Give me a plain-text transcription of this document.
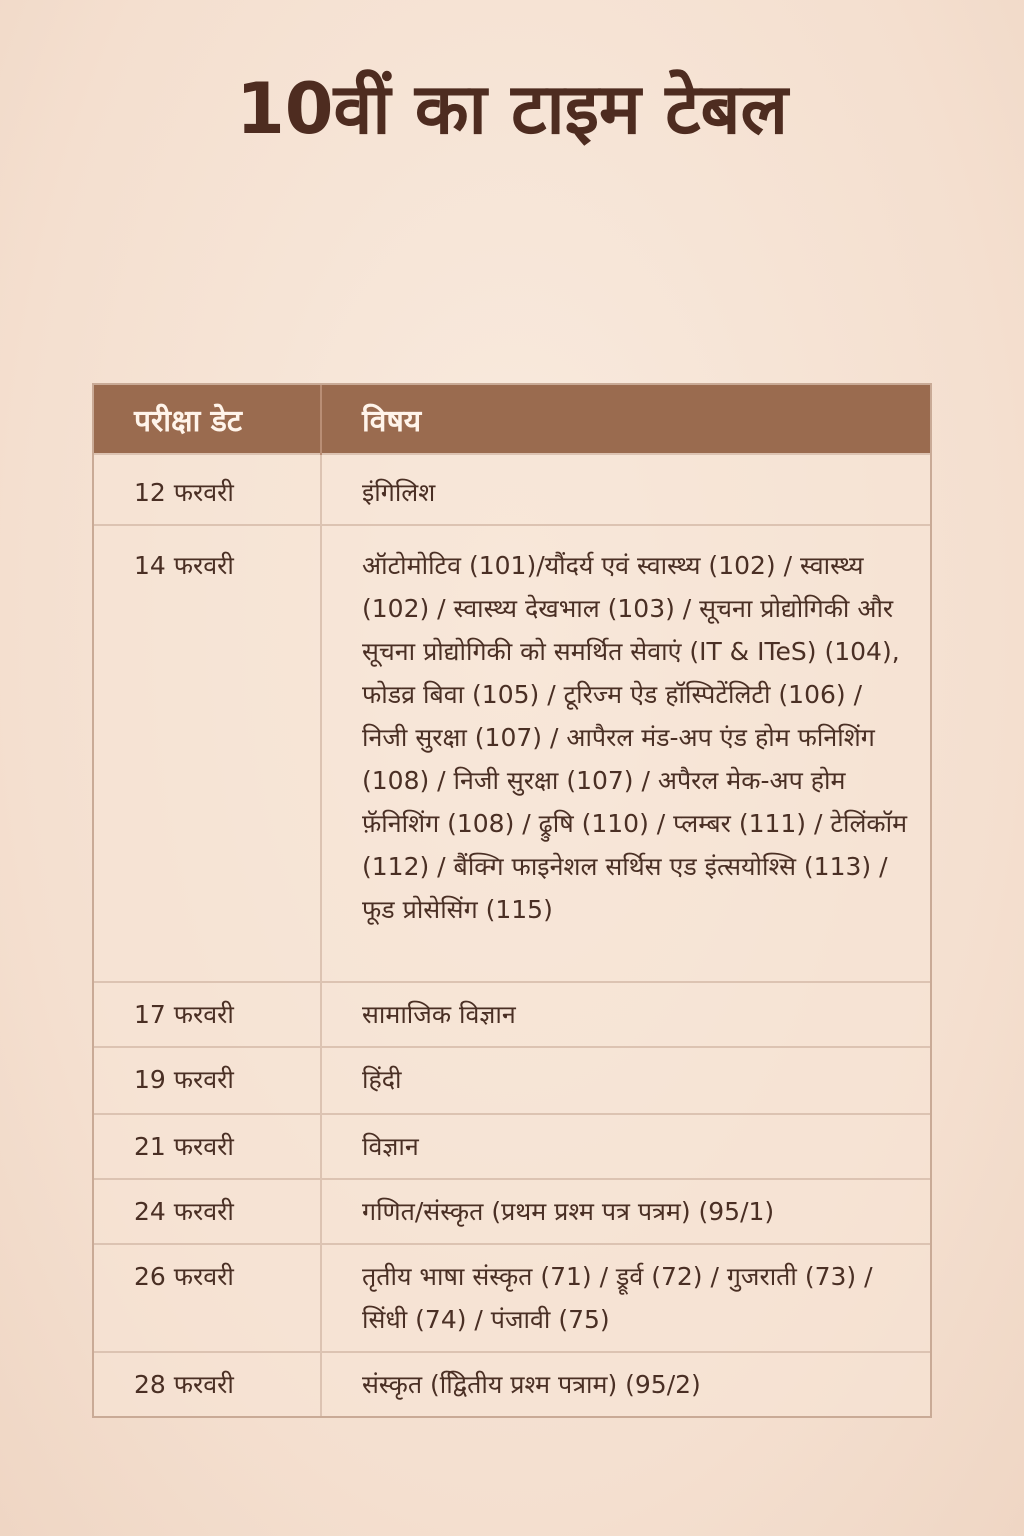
10वीं का टाइम टेबल
परीक्षा डेट	विषय
12 फरवरी	इंगिलिश
14 फरवरी	ऑटोमोटिव (101)/यौंदर्य एवं स्वास्थ्य (102) / स्वास्थ्य (102) / स्वास्थ्य देखभाल (103) / सूचना प्रोद्योगिकी और सूचना प्रोद्योगिकी को समर्थित सेवाएं (IT & ITeS) (104), फोडव्र बिवा (105) / टूरिज्म ऐड हॉस्पिटेंलिटी (106) / निजी सुरक्षा (107) / आपैरल मंड-अप एंड होम फनिशिंग (108) / निजी सुरक्षा (107) / अपैरल मेक-अप होम फ़ॅनिशिंग (108) / ढ्रुषि (110) / प्लम्बर (111) / टेलिंकॉम (112) / बैंक्गि फाइनेशल सर्थिस एड इंत्सयोश्सि (113) / फूड प्रोसेसिंग (115)
17 फरवरी	सामाजिक विज्ञान
19 फरवरी	हिंदी
21 फरवरी	विज्ञान
24 फरवरी	गणित/संस्कृत (प्रथम प्रश्म पत्र पत्रम) (95/1)
26 फरवरी	तृतीय भाषा संस्कृत (71) / ड्रूर्व (72) / गुजराती (73) / सिंधी (74) / पंजावी (75)
28 फरवरी	संस्कृत (द्विितीय प्रश्म पत्राम) (95/2)
